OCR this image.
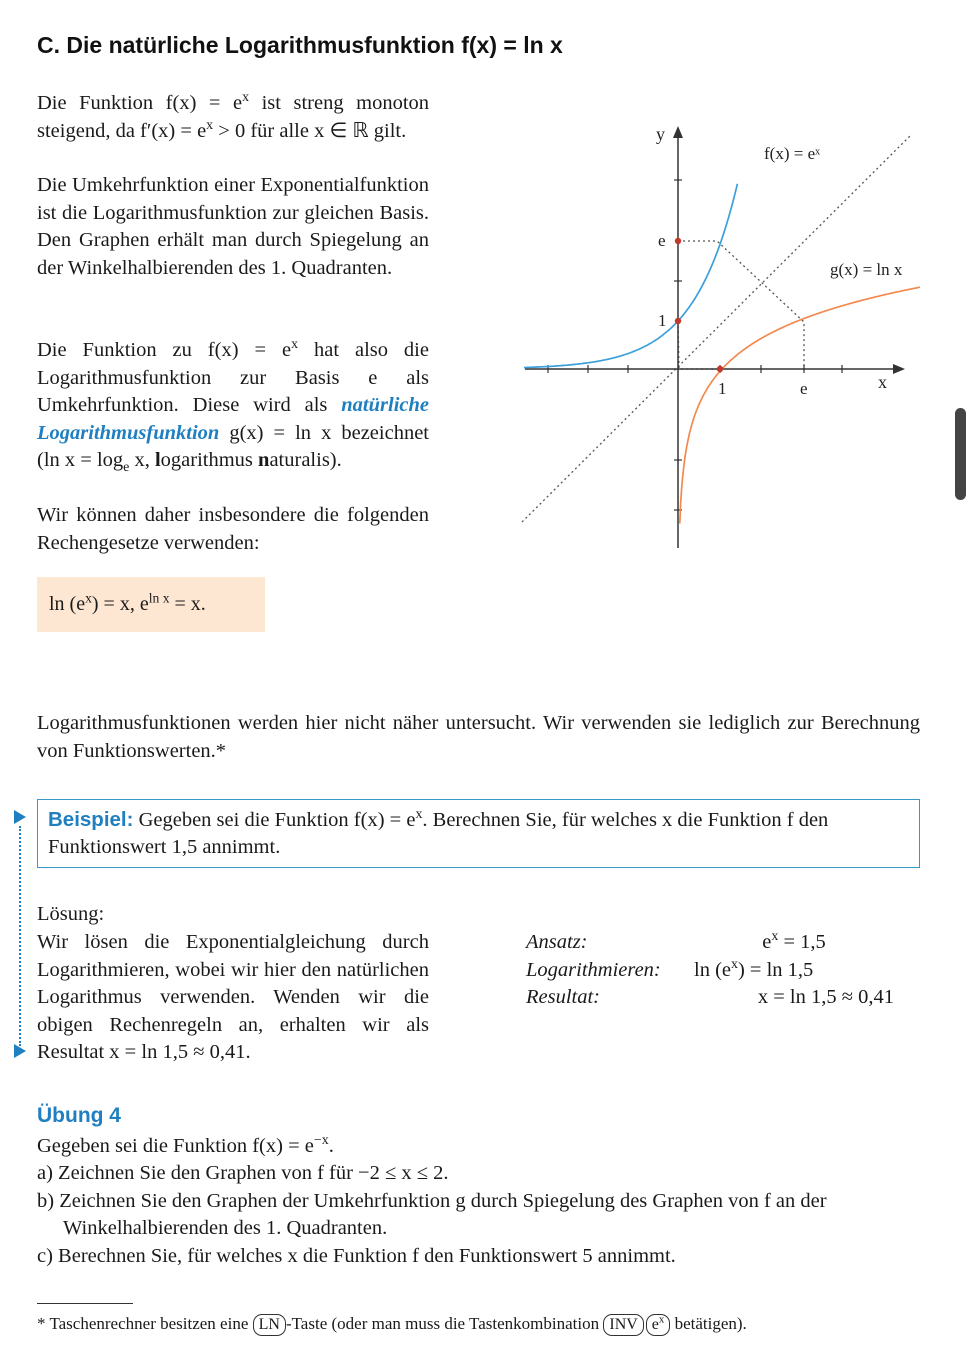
C. Die natürliche Logarithmusfunktion f(x) = ln x
Die Funktion $f(x) = e^x$ ist streng monoton steigend, da $f'(x) = e^x > 0$ für alle x ∈ ℝ gilt.
Die Umkehrfunktion einer Exponentialfunktion ist die Logarithmusfunktion zur gleichen Basis. Den Graphen erhält man durch Spiegelung an der Winkelhalbierenden des 1. Quadranten.
Die Funktion zu $f(x) = e^x$ hat also die Logarithmusfunktion zur Basis e als Umkehrfunktion. Diese wird als natürliche Logarithmusfunktion g(x) = ln x bezeichnet (ln $x = \log_e x$, logarithmus naturalis).
Wir können daher insbesondere die folgenden Rechengesetze verwenden:
$\ln (e^x) = x$, $e^{ln x} = x$.
y
x
f(x) = eˣ
g(x) = ln x
e
1
1	e
Logarithmusfunktionen werden hier nicht näher untersucht. Wir verwenden sie lediglich zur Berechnung von Funktionswerten.*
Beispiel: Gegeben sei die Funktion $f(x) = e^x$. Berechnen Sie, für welches x die Funktion f den Funktionswert 1,5 annimmt.
Lösung:
Wir lösen die Exponentialgleichung durch Logarithmieren, wobei wir hier den natürlichen Logarithmus verwenden. Wenden wir die obigen Rechenregeln an, erhalten wir als Resultat x = ln 1,5 ≈ 0,41.
Ansatz:	$e^x = 1,5$
Logarithmieren:	$\ln (e^x) = \ln 1,5$
Resultat:	x = ln 1,5 ≈ 0,41
Übung 4
Gegeben sei die Funktion $f(x) = e^{-x}$.
a) Zeichnen Sie den Graphen von f für −2 ≤ x ≤ 2.
b) Zeichnen Sie den Graphen der Umkehrfunktion g durch Spiegelung des Graphen von f an der Winkelhalbierenden des 1. Quadranten.
c) Berechnen Sie, für welches x die Funktion f den Funktionswert 5 annimmt.
* Taschenrechner besitzen eine LN -Taste (oder man muss die Tastenkombination INV $e^x$ betätigen).
